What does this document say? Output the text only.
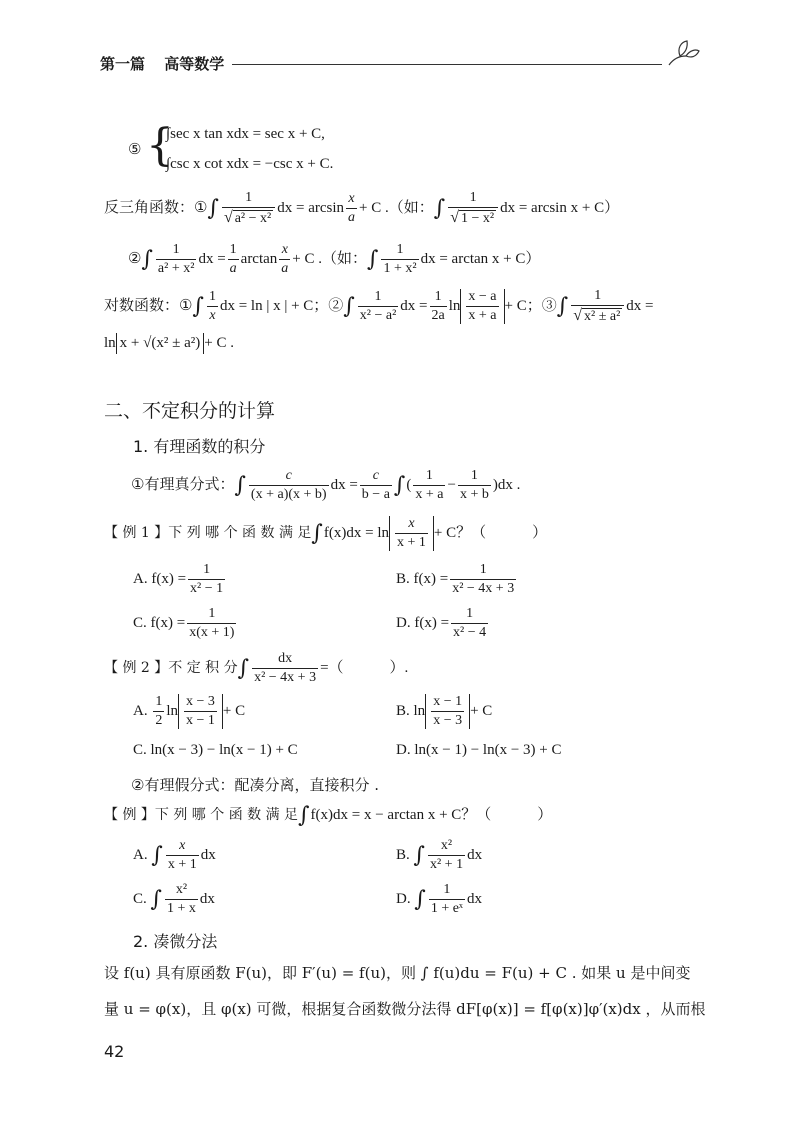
第一篇 高等数学
⑤ {
∫sec x tan xdx = sec x + C,
∫csc x cot xdx = −csc x + C.
反三角函数：①∫ $\frac{1}{\text{√ a² − x²}}$ dx = $\arcsin \frac{x}{a} + C$ .（如：∫ $\frac{1}{\text{√ 1 − x²}}$ dx = arcsin x + C）
②∫ $\frac{1}{\text{a² + x²}}$ dx = $\frac{1}{a}$ $\arctan \frac{x}{a} + C$ .（如：∫ $\frac{1}{\text{1 + x²}}$ dx = arctan x + C）
对数函数：①∫ $\frac{1}{x}$ dx = ln | x | + C；②∫ $\frac{1}{\text{x² − a²}}$ dx = $\frac{1}{2a}$ $\ln \frac{x - a}{x + a} + C$；③∫ $\frac{1}{\text{√ x² ± a²}}$ dx =
ln x + √(x² ± a²) + C .
二、不定积分的计算
1. 有理函数的积分
①有理真分式：∫ $\frac{c}{(x + a)(x + b)}$ dx = $\frac{c}{b - a}$ ∫( $\frac{1}{x + a} - \frac{1}{x + b} )dx$ .
【 例 1 】下 列 哪 个 函 数 满 足$\int f(x)dx = \ln \frac{x}{x + 1} + C$？（	）
A. $f(x) = \frac{1}{\text{x² − 1}}$	B. $f(x) = \frac{1}{\text{x² − 4x + 3}}$
C. $f(x) = \frac{1}{x(x + 1)}$	D. $f(x) = \frac{1}{\text{x² − 4}}$
【 例 2 】不 定 积 分∫ $\frac{dx}{\text{x² − 4x + 3}}$ =（	）.
A. $\frac{1}{2}$ $\ln \frac{x - 3}{x - 1} + C$	B. $\ln \frac{x - 1}{x - 3} + C$
C. ln(x − 3) − ln(x − 1) + C	D. ln(x − 1) − ln(x − 3) + C
②有理假分式：配凑分离，直接积分 .
【 例 】下 列 哪 个 函 数 满 足∫f(x)dx = x − arctan x + C？（	）
A. ∫ $\frac{x}{x + 1}$ dx	B. ∫ $\frac{\text{x²}}{\text{x² + 1}}$ dx
C. ∫ $\frac{\text{x²}}{1 + x}$ dx	D. ∫ $\frac{1}{\text{1 + eˣ}}$ dx
2. 凑微分法
设 f(u) 具有原函数 F(u)，即 F′(u) = f(u)，则 ∫ f(u)du = F(u) + C . 如果 u 是中间变
量 u = φ(x)，且 φ(x) 可微，根据复合函数微分法得 dF[φ(x)] = f[φ(x)]φ′(x)dx ，从而根
42
